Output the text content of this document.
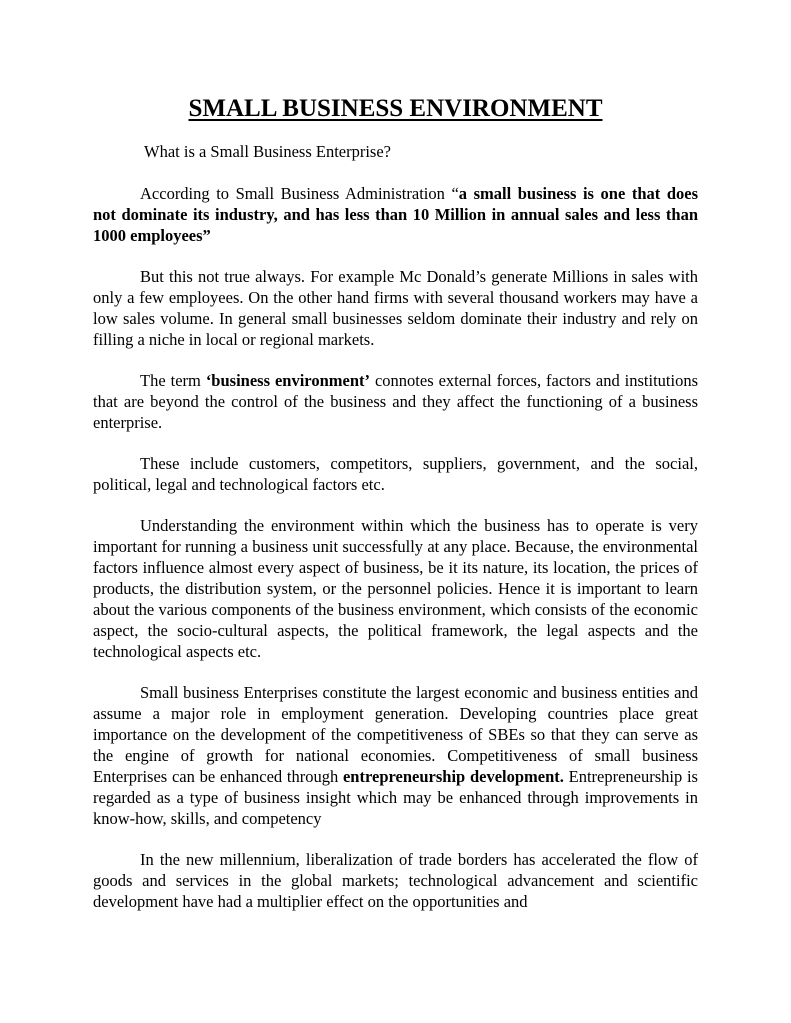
SMALL BUSINESS ENVIRONMENT
What is a Small Business Enterprise?

According to Small Business Administration “a small business is one that does not dominate its industry, and has less than 10 Million in annual sales and less than 1000 employees”

But this not true always. For example Mc Donald’s generate Millions in sales with only a few employees. On the other hand firms with several thousand workers may have a low sales volume. In general small businesses seldom dominate their industry and rely on filling a niche in local or regional markets.

The term ‘business environment’ connotes external forces, factors and institutions that are beyond the control of the business and they affect the functioning of a business enterprise.

These include customers, competitors, suppliers, government, and the social, political, legal and technological factors etc.

Understanding the environment within which the business has to operate is very important for running a business unit successfully at any place. Because, the environmental factors influence almost every aspect of business, be it its nature, its location, the prices of products, the distribution system, or the personnel policies. Hence it is important to learn about the various components of the business environment, which consists of the economic aspect, the socio-cultural aspects, the political framework, the legal aspects and the technological aspects etc.

Small business Enterprises constitute the largest economic and business entities and assume a major role in employment generation. Developing countries place great importance on the development of the competitiveness of SBEs so that they can serve as the engine of growth for national economies. Competitiveness of small business Enterprises can be enhanced through entrepreneurship development. Entrepreneurship is regarded as a type of business insight which may be enhanced through improvements in know-how, skills, and competency

In the new millennium, liberalization of trade borders has accelerated the flow of goods and services in the global markets; technological advancement and scientific development have had a multiplier effect on the opportunities and
